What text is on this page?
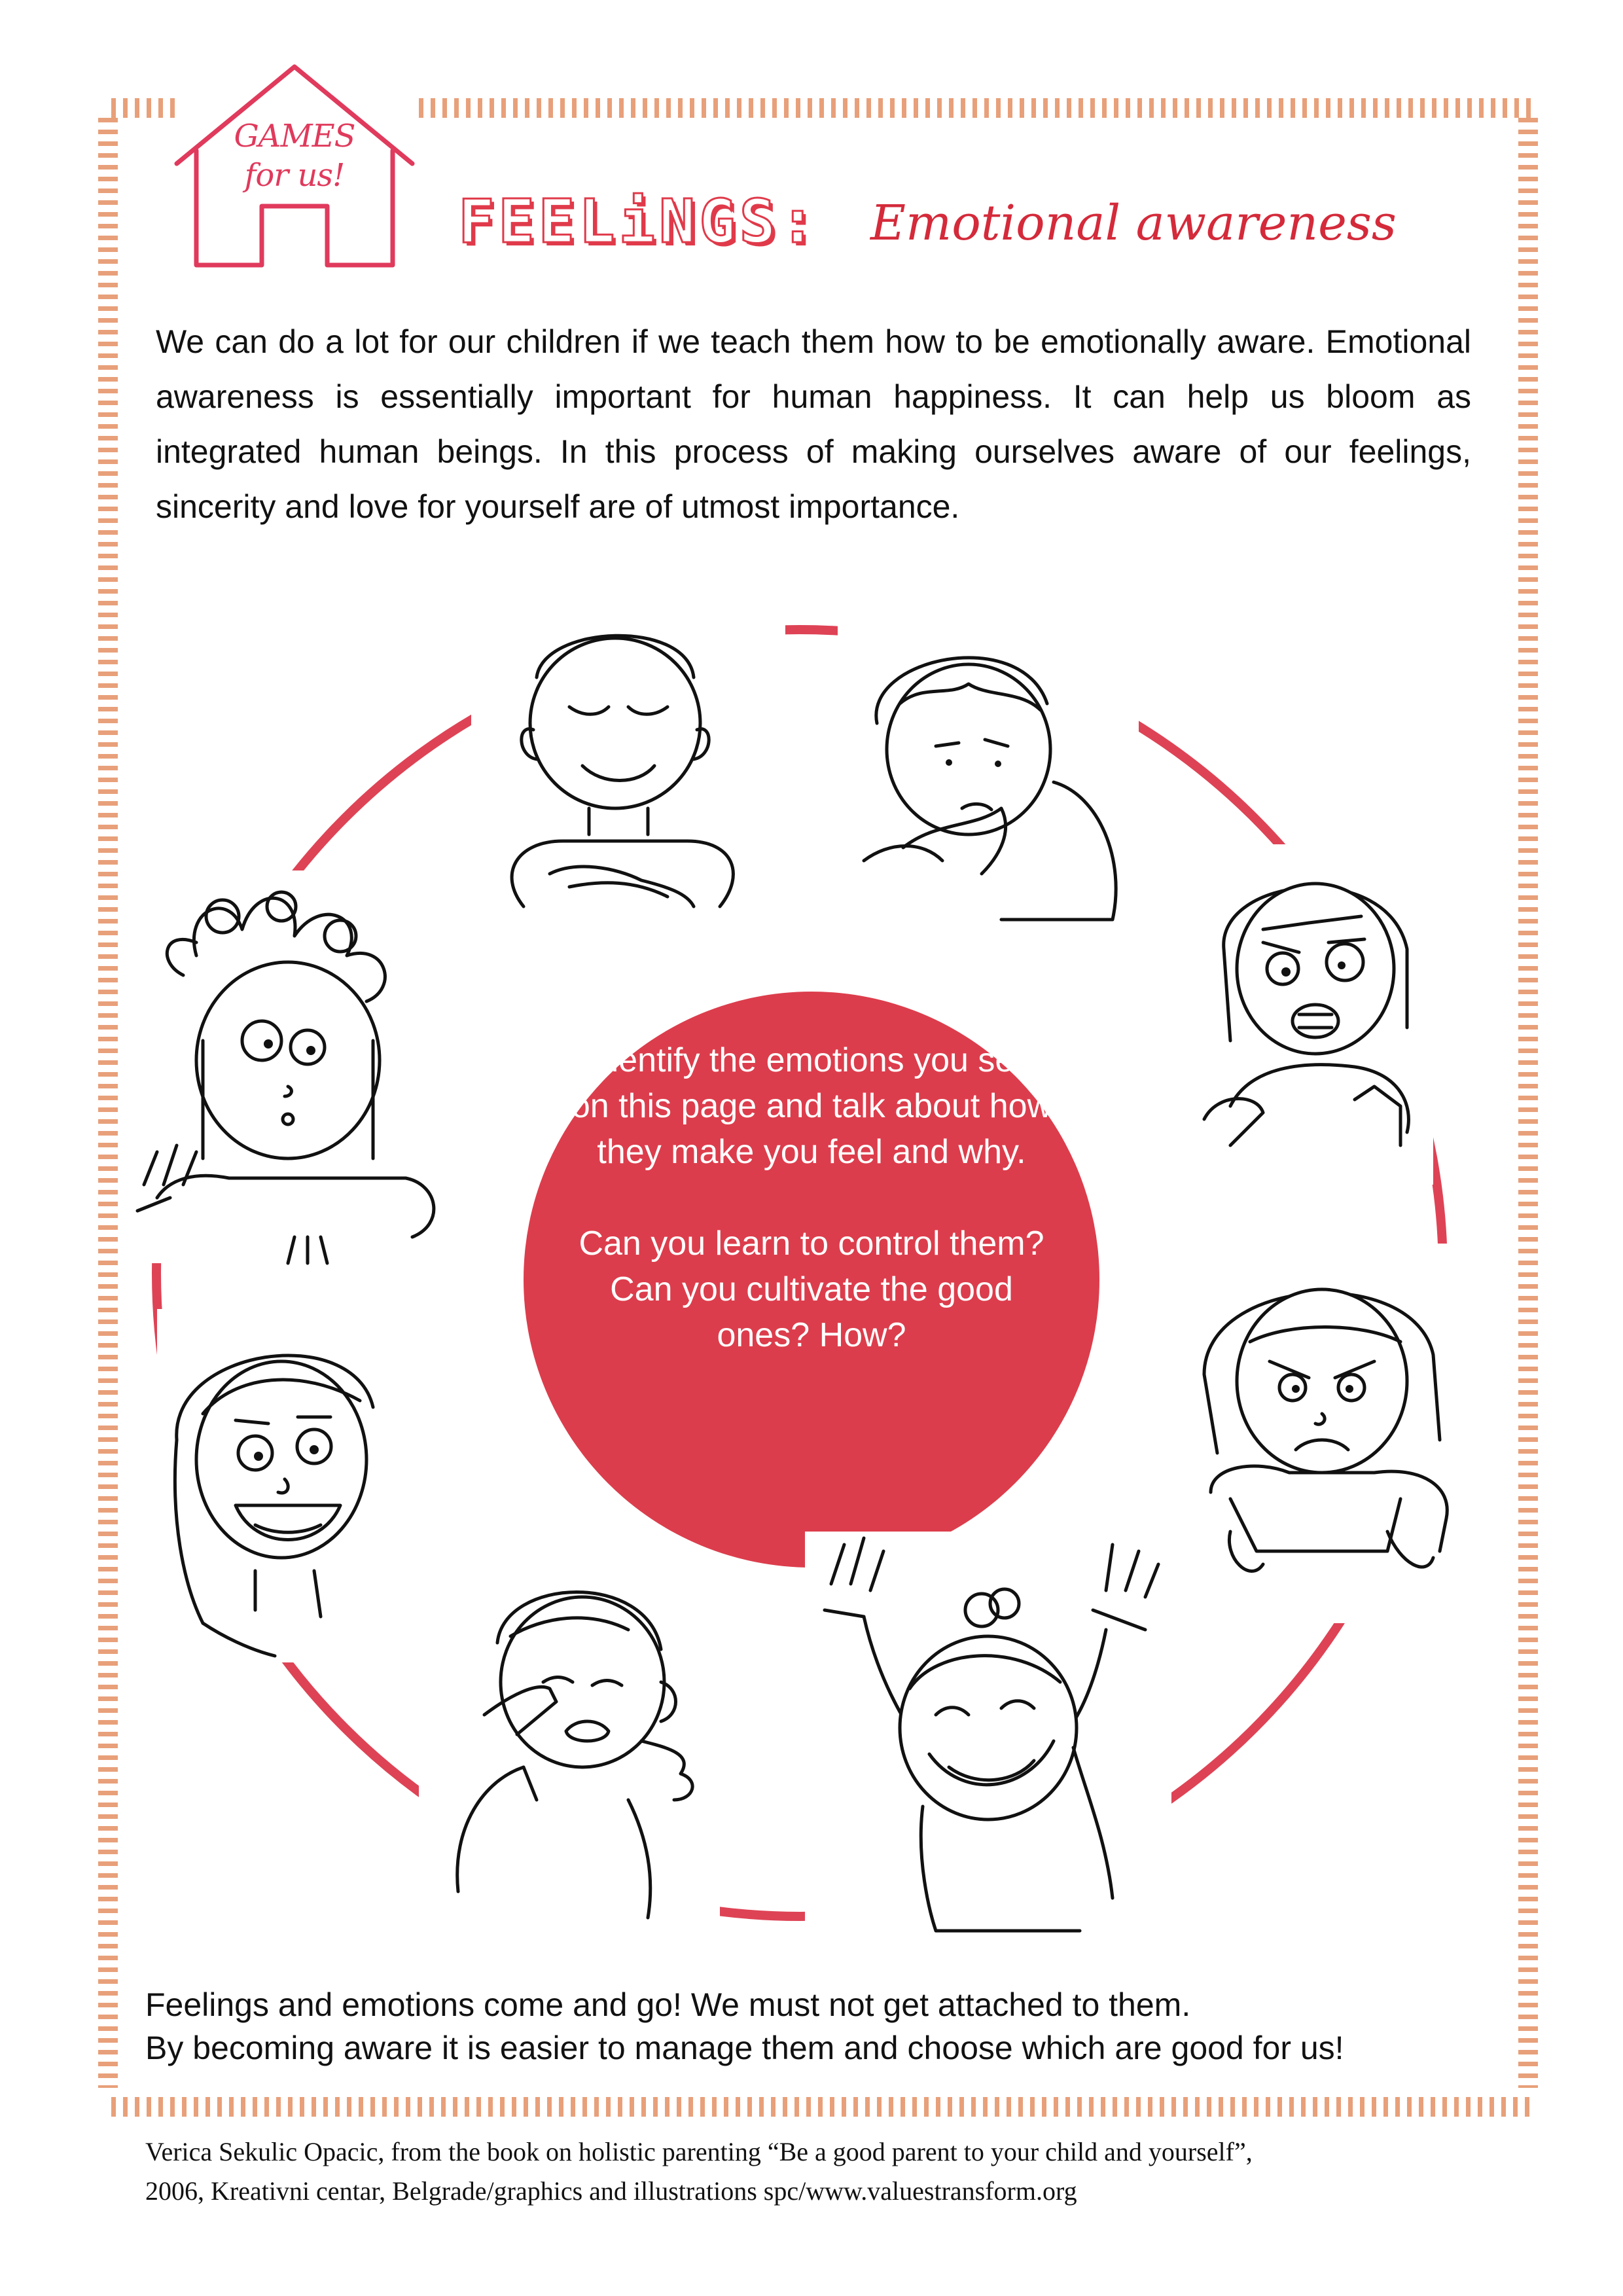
GAMES
for us!
FEELiNGS: Emotional awareness
We can do a lot for our children if we teach them how to be emotionally aware. Emotional awareness is essentially important for human happiness. It can help us bloom as integrated human beings. In this process of making ourselves aware of our feelings, sincerity and love for yourself are of utmost importance.

Identify the emotions you see on this page and talk about how they make you feel and why.

Can you learn to control them? Can you cultivate the good ones? How?

Feelings and emotions come and go! We must not get attached to them.

By becoming aware it is easier to manage them and choose which are good for us!

Verica Sekulic Opacic, from the book on holistic parenting “Be a good parent to your child and yourself”,

2006, Kreativni centar, Belgrade/graphics and illustrations spc/www.valuestransform.org
